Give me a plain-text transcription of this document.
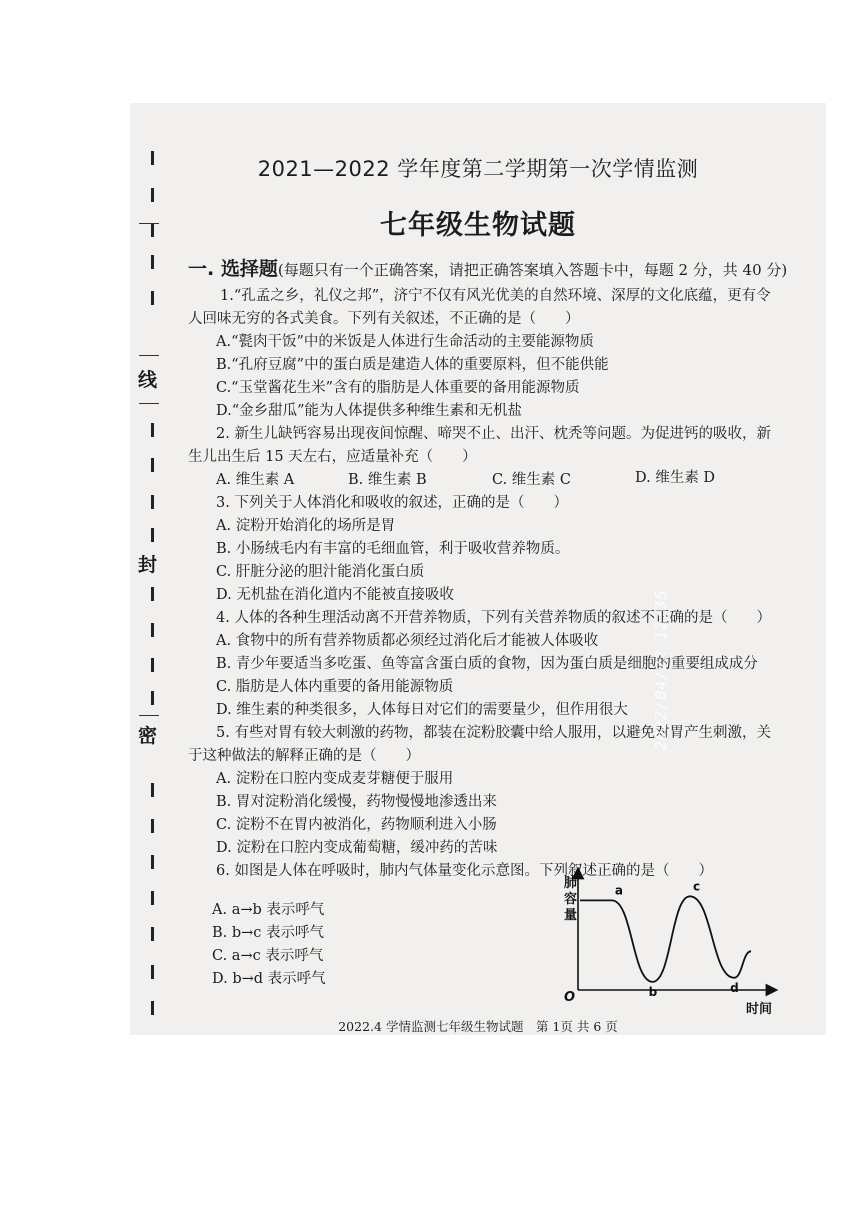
线
封
密
2021—2022 学年度第二学期第一次学情监测
七年级生物试题
一. 选择题(每题只有一个正确答案，请把正确答案填入答题卡中，每题 2 分，共 40 分)
1.“孔孟之乡，礼仪之邦”，济宁不仅有风光优美的自然环境、深厚的文化底蕴，更有令
人回味无穷的各式美食。下列有关叙述，不正确的是（　　）
A.“甏肉干饭”中的米饭是人体进行生命活动的主要能源物质
B.“孔府豆腐”中的蛋白质是建造人体的重要原料，但不能供能
C.“玉堂酱花生米”含有的脂肪是人体重要的备用能源物质
D.“金乡甜瓜”能为人体提供多种维生素和无机盐
2. 新生儿缺钙容易出现夜间惊醒、啼哭不止、出汗、枕秃等问题。为促进钙的吸收，新
生儿出生后 15 天左右，应适量补充（　　）
A. 维生素 A	B. 维生素 B	C. 维生素 C	D. 维生素 D
3. 下列关于人体消化和吸收的叙述，正确的是（　　）
A. 淀粉开始消化的场所是胃
B. 小肠绒毛内有丰富的毛细血管，利于吸收营养物质。
C. 肝脏分泌的胆汁能消化蛋白质
D. 无机盐在消化道内不能被直接吸收
4. 人体的各种生理活动离不开营养物质，下列有关营养物质的叙述不正确的是（　　）
A. 食物中的所有营养物质都必须经过消化后才能被人体吸收
B. 青少年要适当多吃蛋、鱼等富含蛋白质的食物，因为蛋白质是细胞的重要组成成分
C. 脂肪是人体内重要的备用能源物质
D. 维生素的种类很多，人体每日对它们的需要量少，但作用很大
5. 有些对胃有较大刺激的药物，都装在淀粉胶囊中给人服用，以避免对胃产生刺激，关
于这种做法的解释正确的是（　　）
A. 淀粉在口腔内变成麦芽糖便于服用
B. 胃对淀粉消化缓慢，药物慢慢地渗透出来
C. 淀粉不在胃内被消化，药物顺利进入小肠
D. 淀粉在口腔内变成葡萄糖，缓冲药的苦味
6. 如图是人体在呼吸时，肺内气体量变化示意图。下列叙述正确的是（　　）
A. a→b 表示呼气
B. b→c 表示呼气
C. a→c 表示呼气
D. b→d 表示呼气
肺
容
量
时间
O
a
b
c
d
2022.4 学情监测七年级生物试题　第 1页 共 6 页
2022/04/22 12:35
